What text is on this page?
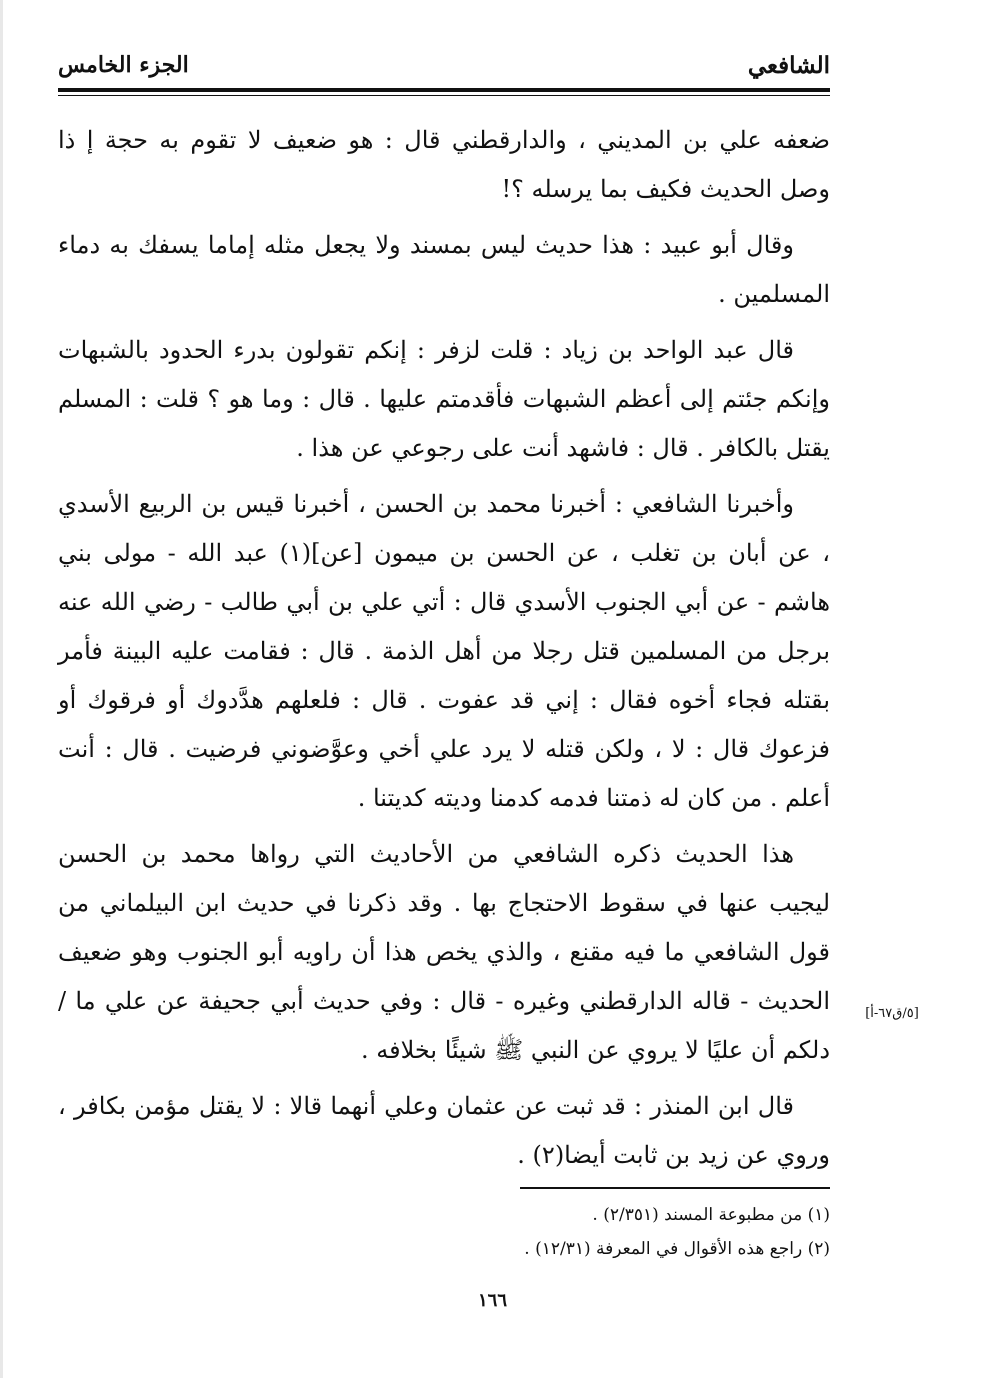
الشافعي
الجزء الخامس

ضعفه علي بن المديني ، والدارقطني قال : هو ضعيف لا تقوم به حجة إ ذا وصل الحديث فكيف بما يرسله ؟!

وقال أبو عبيد : هذا حديث ليس بمسند ولا يجعل مثله إماما يسفك به دماء المسلمين .

قال عبد الواحد بن زياد : قلت لزفر : إنكم تقولون بدرء الحدود بالشبهات وإنكم جئتم إلى أعظم الشبهات فأقدمتم عليها . قال : وما هو ؟ قلت : المسلم يقتل بالكافر . قال : فاشهد أنت على رجوعي عن هذا .

وأخبرنا الشافعي : أخبرنا محمد بن الحسن ، أخبرنا قيس بن الربيع الأسدي ، عن أبان بن تغلب ، عن الحسن بن ميمون [عن](١) عبد الله - مولى بني هاشم - عن أبي الجنوب الأسدي قال : أتي علي بن أبي طالب - رضي الله عنه برجل من المسلمين قتل رجلا من أهل الذمة . قال : فقامت عليه البينة فأمر بقتله فجاء أخوه فقال : إني قد عفوت . قال : فلعلهم هدَّدوك أو فرقوك أو فزعوك قال : لا ، ولكن قتله لا يرد علي أخي وعوَّضوني فرضيت . قال : أنت أعلم . من كان له ذمتنا فدمه كدمنا وديته كديتنا .

هذا الحديث ذكره الشافعي من الأحاديث التي رواها محمد بن الحسن ليجيب عنها في سقوط الاحتجاج بها . وقد ذكرنا في حديث ابن البيلماني من قول الشافعي ما فيه مقنع ، والذي يخص هذا أن راويه أبو الجنوب وهو ضعيف الحديث - قاله الدارقطني وغيره - قال : وفي حديث أبي جحيفة عن علي ما / دلكم أن عليًا لا يروي عن النبي ﷺ شيئًا بخلافه .

قال ابن المنذر : قد ثبت عن عثمان وعلي أنهما قالا : لا يقتل مؤمن بكافر ، وروي عن زيد بن ثابت أيضا(٢) .

[٥/ق٦٧-أ]
(١) من مطبوعة المسند (٢/٣٥١) .
(٢) راجع هذه الأقوال في المعرفة (١٢/٣١) .
١٦٦
